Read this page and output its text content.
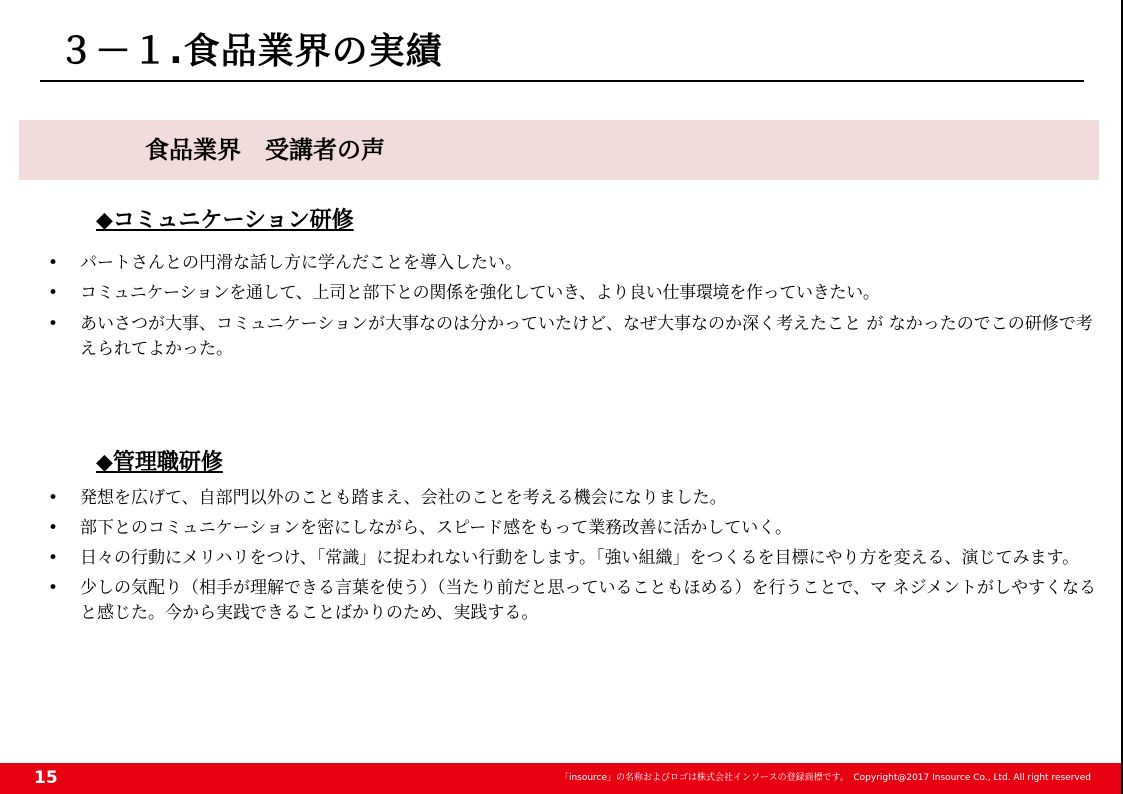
３－１.食品業界の実績
食品業界　受講者の声
◆コミュニケーション研修
•	パートさんとの円滑な話し方に学んだことを導入したい。
•	コミュニケーションを通して、上司と部下との関係を強化していき、より良い仕事環境を作っていきたい。
•	あいさつが大事、コミュニケーションが大事なのは分かっていたけど、なぜ大事なのか深く考えたこと が なかったのでこの研修で考えられてよかった。
◆管理職研修
•	発想を広げて、自部門以外のことも踏まえ、会社のことを考える機会になりました。
•	部下とのコミュニケーションを密にしながら、スピード感をもって業務改善に活かしていく。
•	日々の行動にメリハリをつけ、「常識」に捉われない行動をします。「強い組織」をつくるを目標にやり方を変える、演じてみます。
•	少しの気配り（相手が理解できる言葉を使う）（当たり前だと思っていることもほめる）を行うことで、マ ネジメントがしやすくなると感じた。今から実践できることばかりのため、実践する。
15	「insource」の名称およびロゴは株式会社インソースの登録商標です。　Copyright@2017 Insource Co., Ltd. All right reserved
